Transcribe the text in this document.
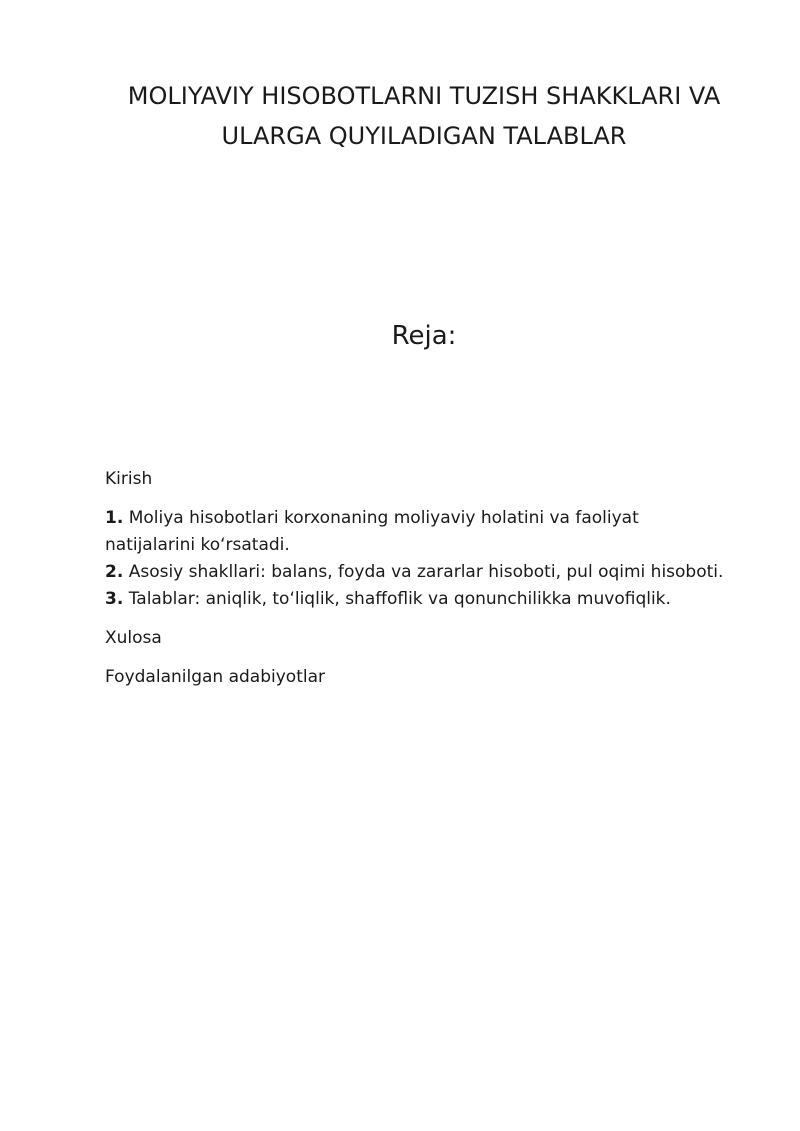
MOLIYAVIY HISOBOTLARNI TUZISH SHAKKLARI VA
ULARGA QUYILADIGAN TALABLAR
Reja:

Kirish

1. Moliya hisobotlari korxonaning moliyaviy holatini va faoliyat natijalarini ko‘rsatadi.

2. Asosiy shakllari: balans, foyda va zararlar hisoboti, pul oqimi hisoboti.

3. Talablar: aniqlik, to‘liqlik, shaffoflik va qonunchilikka muvofiqlik.

Xulosa

Foydalanilgan adabiyotlar
